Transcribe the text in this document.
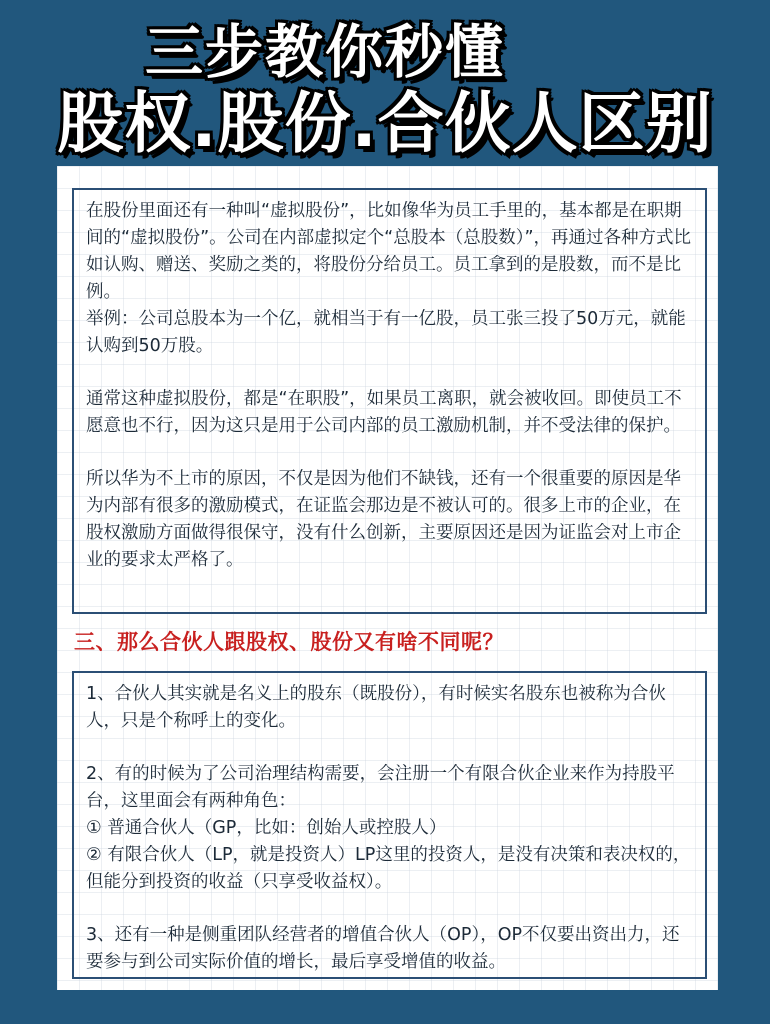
三步教你秒懂
股权.股份.合伙人区别

在股份里面还有一种叫“虚拟股份”，比如像华为员工手里的，基本都是在职期间的“虚拟股份”。公司在内部虚拟定个“总股本（总股数）”，再通过各种方式比如认购、赠送、奖励之类的，将股份分给员工。员工拿到的是股数，而不是比例。

举例：公司总股本为一个亿，就相当于有一亿股，员工张三投了50万元，就能认购到50万股。

通常这种虚拟股份，都是“在职股”，如果员工离职，就会被收回。即使员工不愿意也不行，因为这只是用于公司内部的员工激励机制，并不受法律的保护。

所以华为不上市的原因，不仅是因为他们不缺钱，还有一个很重要的原因是华为内部有很多的激励模式，在证监会那边是不被认可的。很多上市的企业，在股权激励方面做得很保守，没有什么创新，主要原因还是因为证监会对上市企业的要求太严格了。

三、那么合伙人跟股权、股份又有啥不同呢？

1、合伙人其实就是名义上的股东（既股份），有时候实名股东也被称为合伙人，只是个称呼上的变化。

2、有的时候为了公司治理结构需要，会注册一个有限合伙企业来作为持股平台，这里面会有两种角色：

① 普通合伙人（GP，比如：创始人或控股人）

② 有限合伙人（LP，就是投资人）LP这里的投资人，是没有决策和表决权的，但能分到投资的收益（只享受收益权）。

3、还有一种是侧重团队经营者的增值合伙人（OP），OP不仅要出资出力，还要参与到公司实际价值的增长，最后享受增值的收益。
